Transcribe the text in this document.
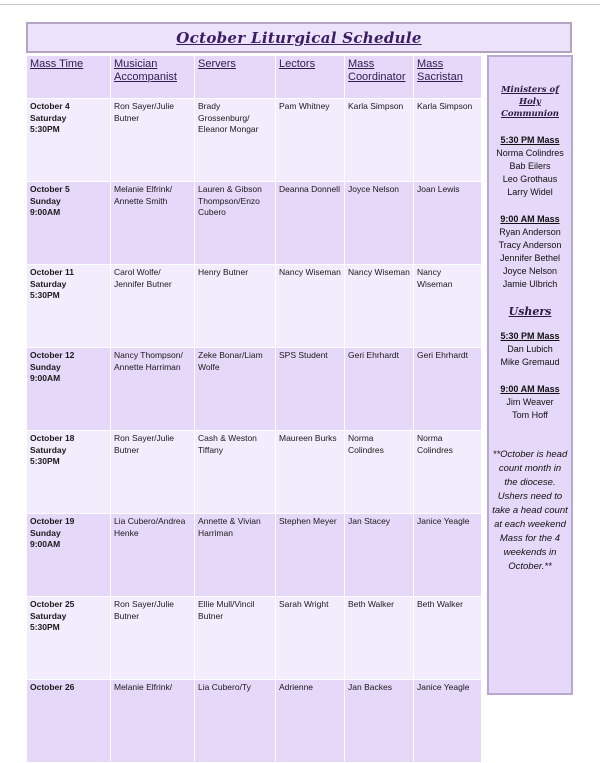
October Liturgical Schedule
Mass Time	Musician Accompanist	Servers	Lectors	Mass Coordinator	Mass Sacristan

October 4
Saturday
5:30PM	Ron Sayer/Julie Butner	Brady Grossenburg/ Eleanor Mongar	Pam Whitney	Karla Simpson	Karla Simpson

October 5
Sunday
9:00AM	Melanie Elfrink/ Annette Smith	Lauren & Gibson Thompson/Enzo Cubero	Deanna Donnell	Joyce Nelson	Joan Lewis

October 11
Saturday
5:30PM	Carol Wolfe/ Jennifer Butner	Henry Butner	Nancy Wiseman	Nancy Wiseman	Nancy Wiseman

October 12
Sunday
9:00AM	Nancy Thompson/ Annette Harriman	Zeke Bonar/Liam Wolfe	SPS Student	Geri Ehrhardt	Geri Ehrhardt

October 18
Saturday
5:30PM	Ron Sayer/Julie Butner	Cash & Weston Tiffany	Maureen Burks	Norma Colindres	Norma Colindres

October 19
Sunday
9:00AM	Lia Cubero/Andrea Henke	Annette & Vivian Harriman	Stephen Meyer	Jan Stacey	Janice Yeagle

October 25
Saturday
5:30PM	Ron Sayer/Julie Butner	Ellie Mull/Vincil Butner	Sarah Wright	Beth Walker	Beth Walker

October 26	Melanie Elfrink/	Lia Cubero/Ty	Adrienne	Jan Backes	Janice Yeagle
Ministers of Holy Communion
5:30 PM Mass
Norma Colindres
Bab Eilers
Leo Grothaus
Larry Widel
9:00 AM Mass
Ryan Anderson
Tracy Anderson
Jennifer Bethel
Joyce Nelson
Jamie Ulbrich
Ushers
5:30 PM Mass
Dan Lubich
Mike Gremaud
9:00 AM Mass
Jim Weaver
Tom Hoff
**October is head count month in the diocese. Ushers need to take a head count at each weekend Mass for the 4 weekends in October.**
